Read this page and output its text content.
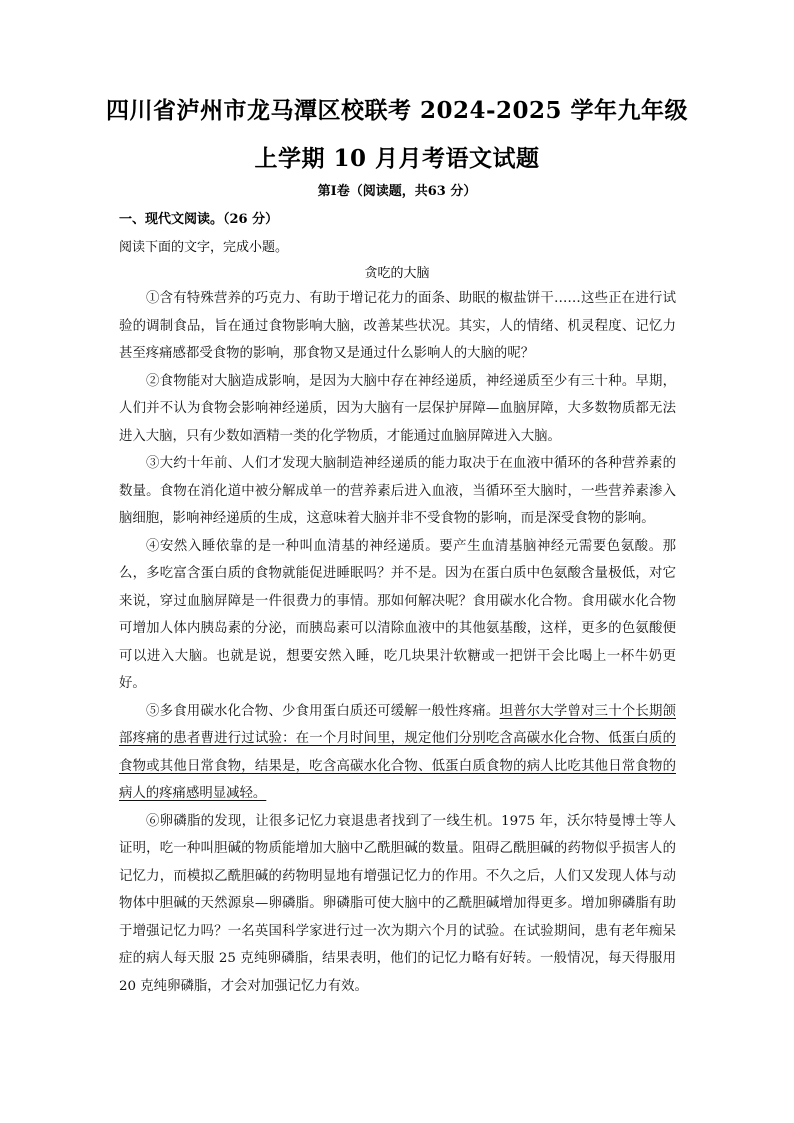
四川省泸州市龙马潭区校联考 2024-2025 学年九年级
上学期 10 月月考语文试题
第Ⅰ卷（阅读题，共63 分）
一、现代文阅读。（26 分）
阅读下面的文字，完成小题。
贪吃的大脑

①含有特殊营养的巧克力、有助于增记花力的面条、助眠的椒盐饼干……这些正在进行试验的调制食品，旨在通过食物影响大脑，改善某些状况。其实，人的情绪、机灵程度、记忆力甚至疼痛感都受食物的影响，那食物又是通过什么影响人的大脑的呢？

②食物能对大脑造成影响，是因为大脑中存在神经递质，神经递质至少有三十种。早期，人们并不认为食物会影响神经递质，因为大脑有一层保护屏障—血脑屏障，大多数物质都无法进入大脑，只有少数如酒精一类的化学物质，才能通过血脑屏障进入大脑。

③大约十年前、人们才发现大脑制造神经递质的能力取决于在血液中循环的各种营养素的数量。食物在消化道中被分解成单一的营养素后进入血液，当循环至大脑时，一些营养素渗入脑细胞，影响神经递质的生成，这意味着大脑并非不受食物的影响，而是深受食物的影响。

④安然入睡依靠的是一种叫血清基的神经递质。要产生血清基脑神经元需要色氨酸。那么，多吃富含蛋白质的食物就能促进睡眠吗？并不是。因为在蛋白质中色氨酸含量极低，对它来说，穿过血脑屏障是一件很费力的事情。那如何解决呢？食用碳水化合物。食用碳水化合物可增加人体内胰岛素的分泌，而胰岛素可以清除血液中的其他氨基酸，这样，更多的色氨酸便可以进入大脑。也就是说，想要安然入睡，吃几块果汁软糖或一把饼干会比喝上一杯牛奶更好。

⑤多食用碳水化合物、少食用蛋白质还可缓解一般性疼痛。坦普尔大学曾对三十个长期颌部疼痛的患者曹进行过试验：在一个月时间里，规定他们分别吃含高碳水化合物、低蛋白质的食物或其他日常食物，结果是，吃含高碳水化合物、低蛋白质食物的病人比吃其他日常食物的病人的疼痛感明显减轻。

⑥卵磷脂的发现，让很多记忆力衰退患者找到了一线生机。1975 年，沃尔特曼博士等人证明，吃一种叫胆碱的物质能增加大脑中乙酰胆碱的数量。阻碍乙酰胆碱的药物似乎损害人的记忆力，而模拟乙酰胆碱的药物明显地有增强记忆力的作用。不久之后，人们又发现人体与动物体中胆碱的天然源泉—卵磷脂。卵磷脂可使大脑中的乙酰胆碱增加得更多。增加卵磷脂有助于增强记忆力吗？一名英国科学家进行过一次为期六个月的试验。在试验期间，患有老年痴呆症的病人每天服 25 克纯卵磷脂，结果表明，他们的记忆力略有好转。一般情况，每天得服用 20 克纯卵磷脂，才会对加强记忆力有效。
